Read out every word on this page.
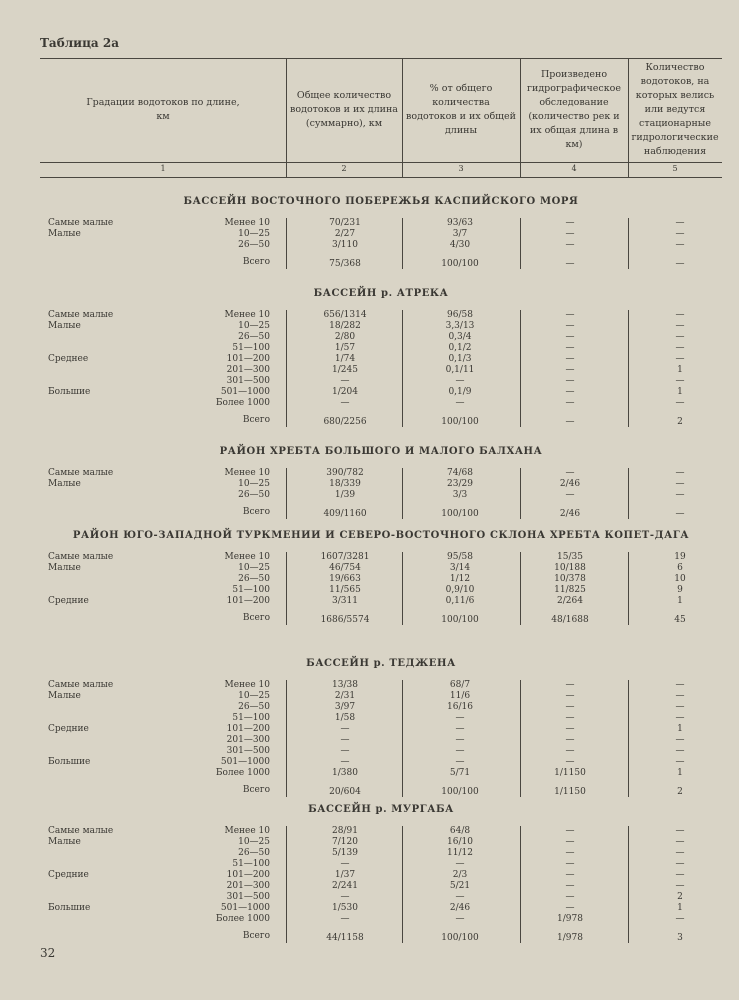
Таблица 2а
Градации водотоков по длине, км
Общее количество водотоков и их длина (суммарно), км
% от общего количества водотоков и их общей длины
Произведено гидрографическое обследование (количество рек и их общая длина в км)
Количество водотоков, на которых велись или ведутся стационарные гидрологические наблюдения
1	2	3	4	5
БАССЕЙН ВОСТОЧНОГО ПОБЕРЕЖЬЯ КАСПИЙСКОГО МОРЯ
Самые малые	Менее 10	70/231	93/63	—	—
Малые	10—25	2/27	3/7	—	—
26—50	3/110	4/30	—	—
Всего	75/368	100/100	—	—
БАССЕЙН р. АТРЕКА
Самые малые	Менее 10	656/1314	96/58	—	—
Малые	10—25	18/282	3,3/13	—	—
26—50	2/80	0,3/4	—	—
51—100	1/57	0,1/2	—	—
Среднее	101—200	1/74	0,1/3	—	—
201—300	1/245	0,1/11	—	1
301—500	—	—	—	—
Большие	501—1000	1/204	0,1/9	—	1
Более 1000	—	—	—	—
Всего	680/2256	100/100	—	2
РАЙОН ХРЕБТА БОЛЬШОГО И МАЛОГО БАЛХАНА
Самые малые	Менее 10	390/782	74/68	—	—
Малые	10—25	18/339	23/29	2/46	—
26—50	1/39	3/3	—	—
Всего	409/1160	100/100	2/46	—
РАЙОН ЮГО-ЗАПАДНОЙ ТУРКМЕНИИ И СЕВЕРО-ВОСТОЧНОГО СКЛОНА ХРЕБТА КОПЕТ-ДАГА
Самые малые	Менее 10	1607/3281	95/58	15/35	19
Малые	10—25	46/754	3/14	10/188	6
26—50	19/663	1/12	10/378	10
51—100	11/565	0,9/10	11/825	9
Средние	101—200	3/311	0,11/6	2/264	1
Всего	1686/5574	100/100	48/1688	45
БАССЕЙН р. ТЕДЖЕНА
Самые малые	Менее 10	13/38	68/7	—	—
Малые	10—25	2/31	11/6	—	—
26—50	3/97	16/16	—	—
51—100	1/58	—	—	—
Средние	101—200	—	—	—	1
201—300	—	—	—	—
301—500	—	—	—	—
Большие	501—1000	—	—	—	—
Более 1000	1/380	5/71	1/1150	1
Всего	20/604	100/100	1/1150	2
БАССЕЙН р. МУРГАБА
Самые малые	Менее 10	28/91	64/8	—	—
Малые	10—25	7/120	16/10	—	—
26—50	5/139	11/12	—	—
51—100	—	—	—	—
Средние	101—200	1/37	2/3	—	—
201—300	2/241	5/21	—	—
301—500	—	—	—	2
Большие	501—1000	1/530	2/46	—	1
Более 1000	—	—	1/978	—
Всего	44/1158	100/100	1/978	3
32
